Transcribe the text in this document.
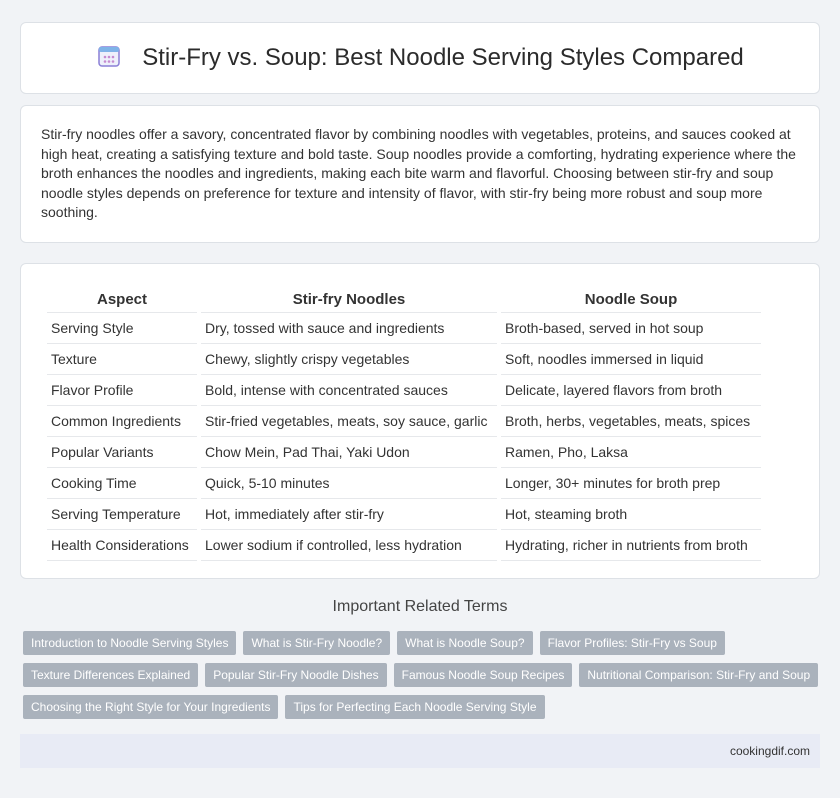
Stir-Fry vs. Soup: Best Noodle Serving Styles Compared

Stir-fry noodles offer a savory, concentrated flavor by combining noodles with vegetables, proteins, and sauces cooked at high heat, creating a satisfying texture and bold taste. Soup noodles provide a comforting, hydrating experience where the broth enhances the noodles and ingredients, making each bite warm and flavorful. Choosing between stir-fry and soup noodle styles depends on preference for texture and intensity of flavor, with stir-fry being more robust and soup more soothing.

Aspect	Stir-fry Noodles	Noodle Soup
Serving Style	Dry, tossed with sauce and ingredients	Broth-based, served in hot soup
Texture	Chewy, slightly crispy vegetables	Soft, noodles immersed in liquid
Flavor Profile	Bold, intense with concentrated sauces	Delicate, layered flavors from broth
Common Ingredients	Stir-fried vegetables, meats, soy sauce, garlic	Broth, herbs, vegetables, meats, spices
Popular Variants	Chow Mein, Pad Thai, Yaki Udon	Ramen, Pho, Laksa
Cooking Time	Quick, 5-10 minutes	Longer, 30+ minutes for broth prep
Serving Temperature	Hot, immediately after stir-fry	Hot, steaming broth
Health Considerations	Lower sodium if controlled, less hydration	Hydrating, richer in nutrients from broth
Important Related Terms
Introduction to Noodle Serving Styles	What is Stir-Fry Noodle?	What is Noodle Soup?	Flavor Profiles: Stir-Fry vs Soup
Texture Differences Explained	Popular Stir-Fry Noodle Dishes	Famous Noodle Soup Recipes	Nutritional Comparison: Stir-Fry and Soup
Choosing the Right Style for Your Ingredients	Tips for Perfecting Each Noodle Serving Style
cookingdif.com
